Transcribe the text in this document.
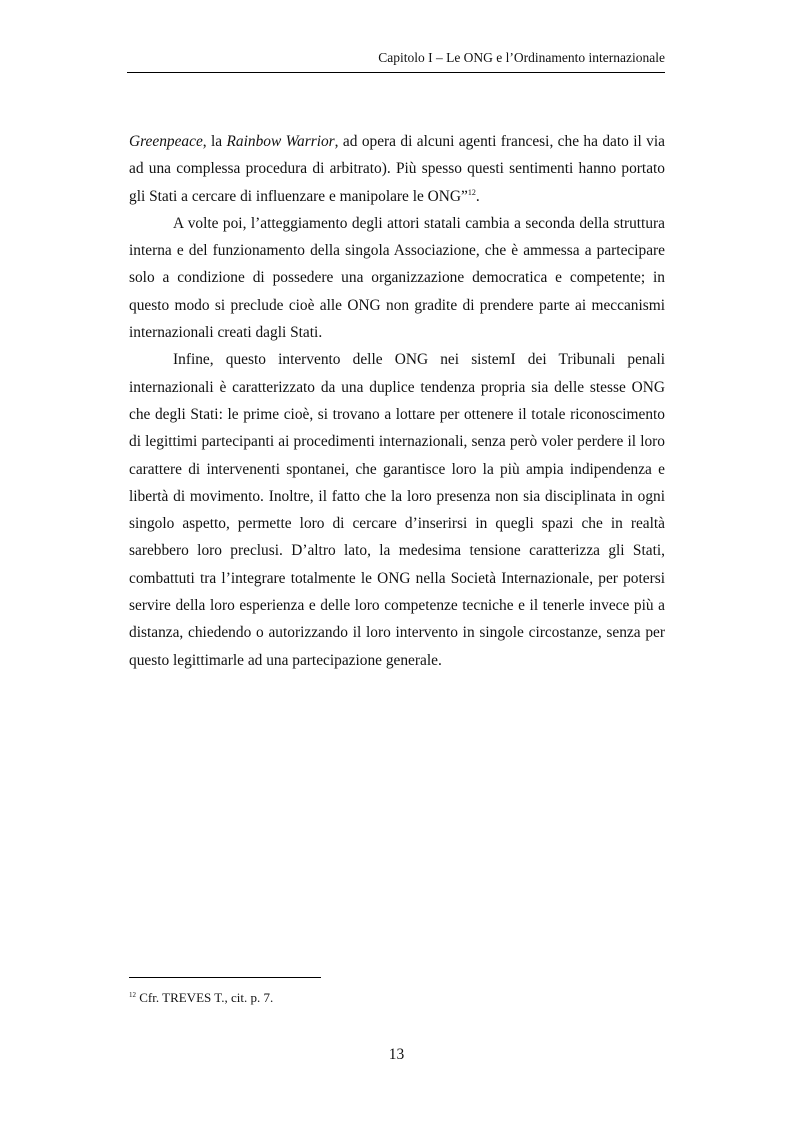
Capitolo I – Le ONG e l’Ordinamento internazionale

Greenpeace, la Rainbow Warrior, ad opera di alcuni agenti francesi, che ha dato il via ad una complessa procedura di arbitrato). Più spesso questi sentimenti hanno portato gli Stati a cercare di influenzare e manipolare le ONG”$^{12}$.

A volte poi, l’atteggiamento degli attori statali cambia a seconda della struttura interna e del funzionamento della singola Associazione, che è ammessa a partecipare solo a condizione di possedere una organizzazione democratica e competente; in questo modo si preclude cioè alle ONG non gradite di prendere parte ai meccanismi internazionali creati dagli Stati.

Infine, questo intervento delle ONG nei sistemI dei Tribunali penali internazionali è caratterizzato da una duplice tendenza propria sia delle stesse ONG che degli Stati: le prime cioè, si trovano a lottare per ottenere il totale riconoscimento di legittimi partecipanti ai procedimenti internazionali, senza però voler perdere il loro carattere di intervenenti spontanei, che garantisce loro la più ampia indipendenza e libertà di movimento. Inoltre, il fatto che la loro presenza non sia disciplinata in ogni singolo aspetto, permette loro di cercare d’inserirsi in quegli spazi che in realtà sarebbero loro preclusi. D’altro lato, la medesima tensione caratterizza gli Stati, combattuti tra l’integrare totalmente le ONG nella Società Internazionale, per potersi servire della loro esperienza e delle loro competenze tecniche e il tenerle invece più a distanza, chiedendo o autorizzando il loro intervento in singole circostanze, senza per questo legittimarle ad una partecipazione generale.

$^{12}$ Cfr. TREVES T., cit. p. 7.
13
